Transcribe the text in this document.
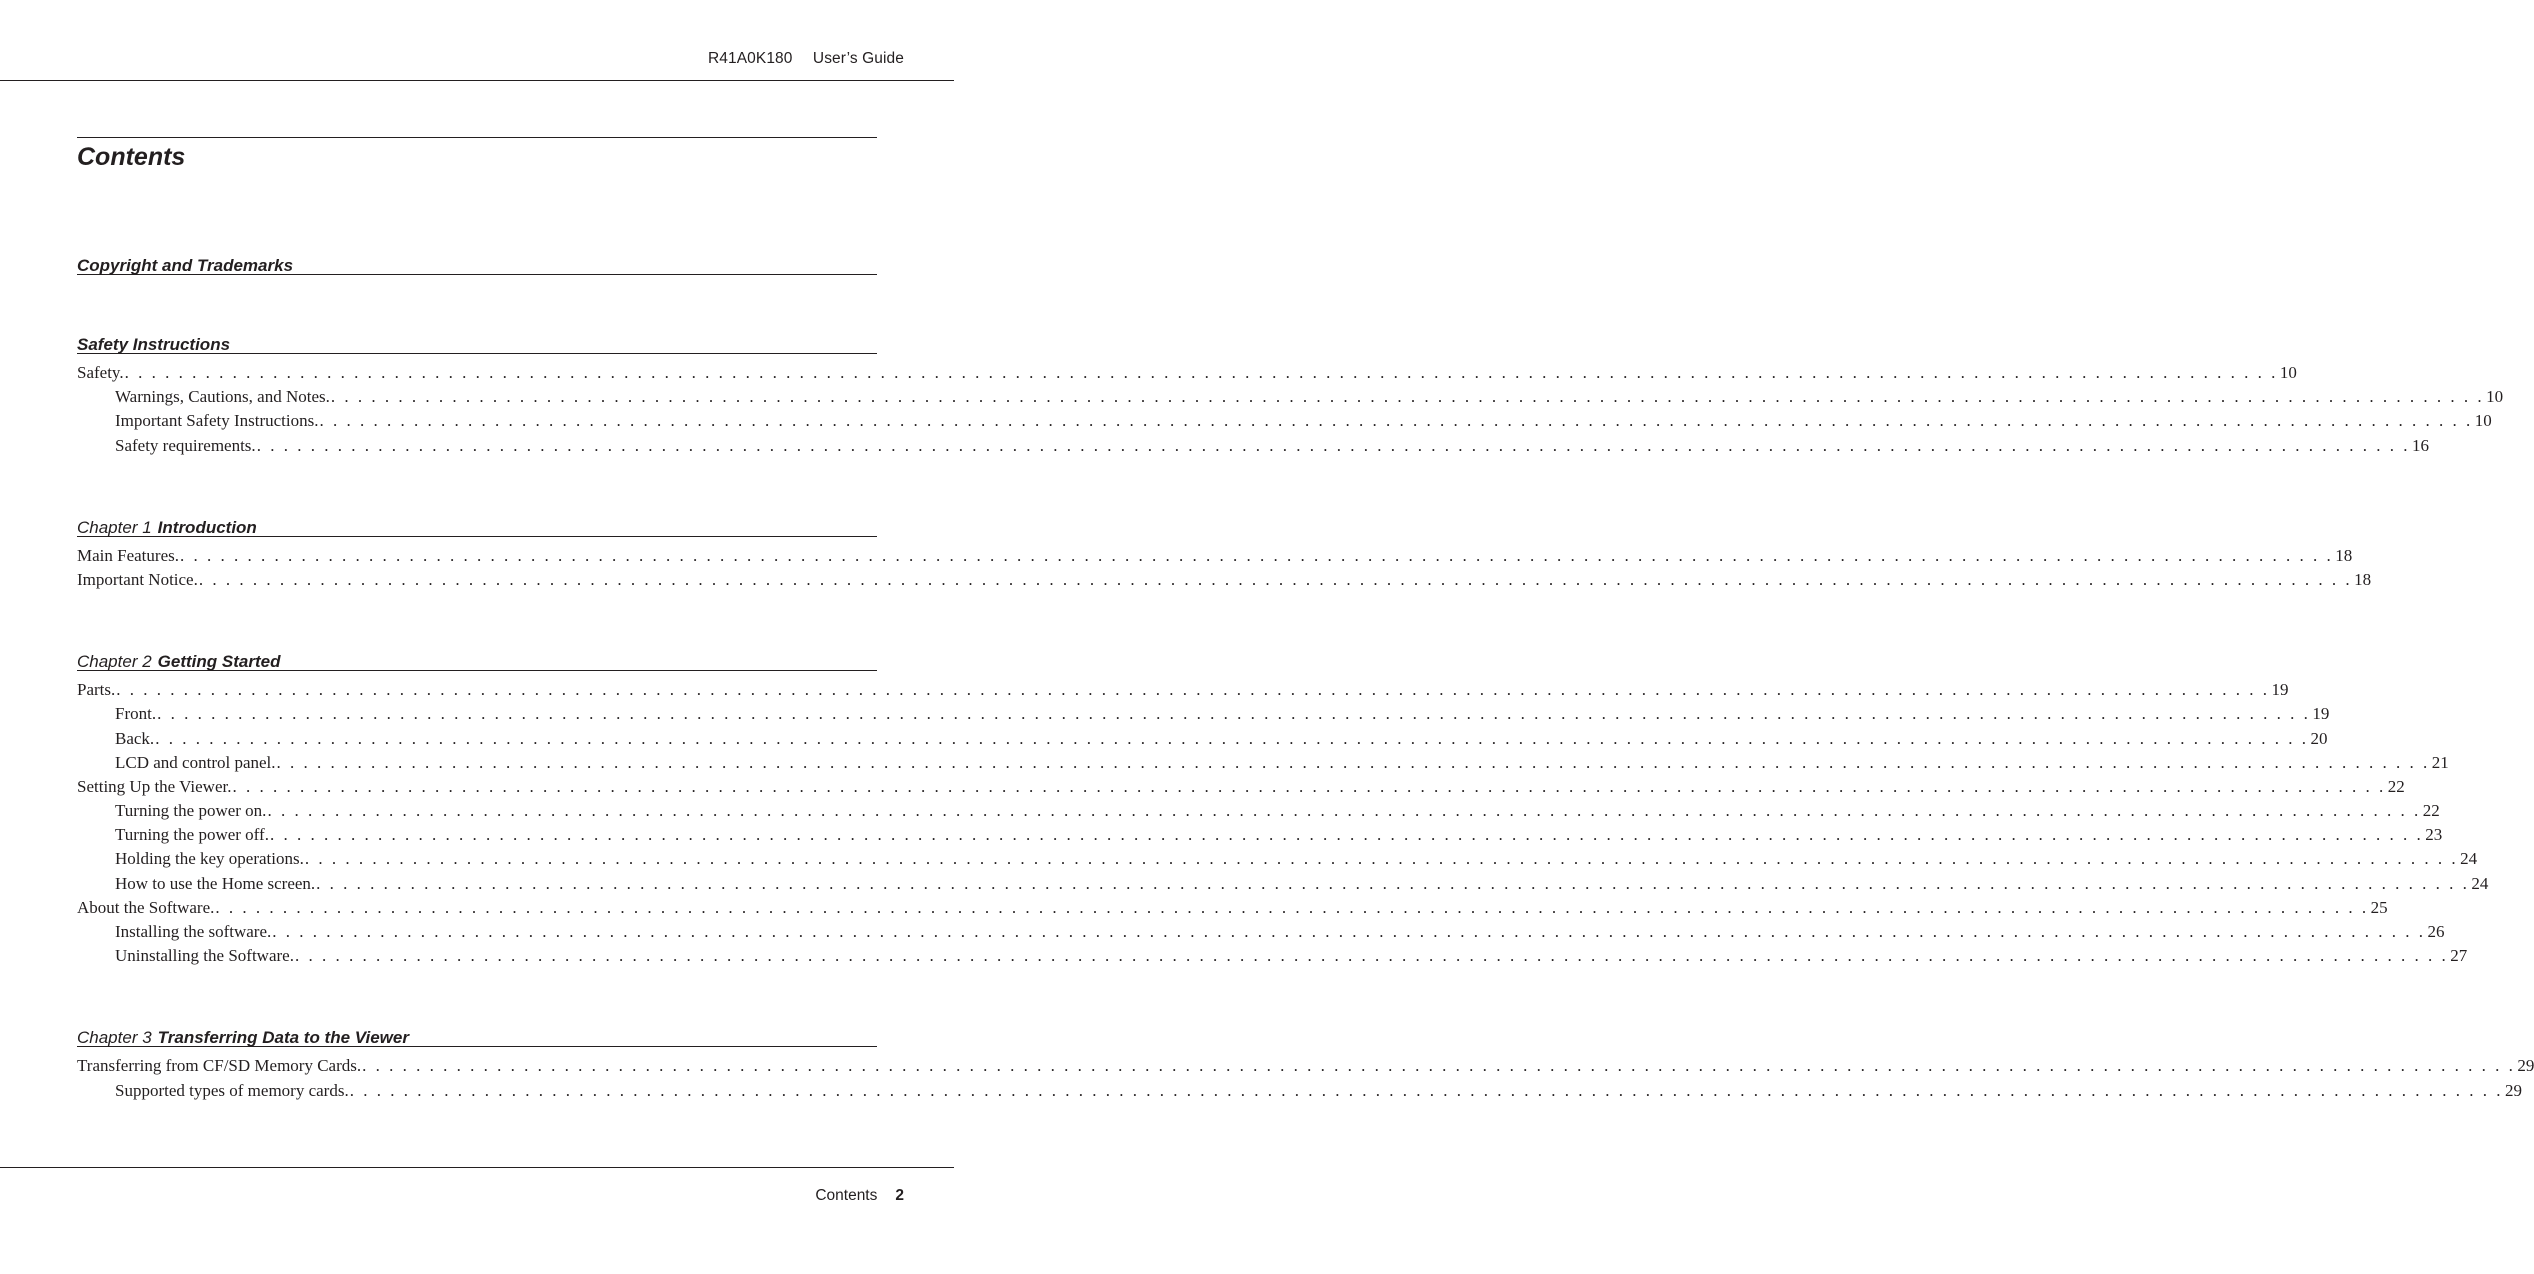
R41A0K180 User’s Guide
Contents
Copyright and Trademarks
Safety Instructions
Safety. . . . . . . . . . . . . . . . . . . . . . . . . . . . . . . . . . . . . . . . . . . . . . . . . . . . . . . . . . . . . . . . . . . . . . . . . . . . . . . . . . . . . . . . . . . . . . . . . . . . . . . . . . . . . . . . . . . . . . . . . . . . . . . . . . . . . . . . . . . . . . . . . . . . . . . . . . . . . . . . . 10
Warnings, Cautions, and Notes. . . . . . . . . . . . . . . . . . . . . . . . . . . . . . . . . . . . . . . . . . . . . . . . . . . . . . . . . . . . . . . . . . . . . . . . . . . . . . . . . . . . . . . . . . . . . . . . . . . . . . . . . . . . . . . . . . . . . . . . . . . . . . . . . . . . . . . . . . . . . . . . . . . . . . . . . . . . . . . . . 10
Important Safety Instructions. . . . . . . . . . . . . . . . . . . . . . . . . . . . . . . . . . . . . . . . . . . . . . . . . . . . . . . . . . . . . . . . . . . . . . . . . . . . . . . . . . . . . . . . . . . . . . . . . . . . . . . . . . . . . . . . . . . . . . . . . . . . . . . . . . . . . . . . . . . . . . . . . . . . . . . . . . . . . . . . . 10
Safety requirements. . . . . . . . . . . . . . . . . . . . . . . . . . . . . . . . . . . . . . . . . . . . . . . . . . . . . . . . . . . . . . . . . . . . . . . . . . . . . . . . . . . . . . . . . . . . . . . . . . . . . . . . . . . . . . . . . . . . . . . . . . . . . . . . . . . . . . . . . . . . . . . . . . . . . . . . . . . . . . . . . 16
Chapter 1 Introduction
Main Features. . . . . . . . . . . . . . . . . . . . . . . . . . . . . . . . . . . . . . . . . . . . . . . . . . . . . . . . . . . . . . . . . . . . . . . . . . . . . . . . . . . . . . . . . . . . . . . . . . . . . . . . . . . . . . . . . . . . . . . . . . . . . . . . . . . . . . . . . . . . . . . . . . . . . . . . . . . . . . . . . 18
Important Notice. . . . . . . . . . . . . . . . . . . . . . . . . . . . . . . . . . . . . . . . . . . . . . . . . . . . . . . . . . . . . . . . . . . . . . . . . . . . . . . . . . . . . . . . . . . . . . . . . . . . . . . . . . . . . . . . . . . . . . . . . . . . . . . . . . . . . . . . . . . . . . . . . . . . . . . . . . . . . . . . . 18
Chapter 2 Getting Started
Parts. . . . . . . . . . . . . . . . . . . . . . . . . . . . . . . . . . . . . . . . . . . . . . . . . . . . . . . . . . . . . . . . . . . . . . . . . . . . . . . . . . . . . . . . . . . . . . . . . . . . . . . . . . . . . . . . . . . . . . . . . . . . . . . . . . . . . . . . . . . . . . . . . . . . . . . . . . . . . . . . . 19
Front. . . . . . . . . . . . . . . . . . . . . . . . . . . . . . . . . . . . . . . . . . . . . . . . . . . . . . . . . . . . . . . . . . . . . . . . . . . . . . . . . . . . . . . . . . . . . . . . . . . . . . . . . . . . . . . . . . . . . . . . . . . . . . . . . . . . . . . . . . . . . . . . . . . . . . . . . . . . . . . . . 19
Back. . . . . . . . . . . . . . . . . . . . . . . . . . . . . . . . . . . . . . . . . . . . . . . . . . . . . . . . . . . . . . . . . . . . . . . . . . . . . . . . . . . . . . . . . . . . . . . . . . . . . . . . . . . . . . . . . . . . . . . . . . . . . . . . . . . . . . . . . . . . . . . . . . . . . . . . . . . . . . . . . 20
LCD and control panel. . . . . . . . . . . . . . . . . . . . . . . . . . . . . . . . . . . . . . . . . . . . . . . . . . . . . . . . . . . . . . . . . . . . . . . . . . . . . . . . . . . . . . . . . . . . . . . . . . . . . . . . . . . . . . . . . . . . . . . . . . . . . . . . . . . . . . . . . . . . . . . . . . . . . . . . . . . . . . . . . 21
Setting Up the Viewer. . . . . . . . . . . . . . . . . . . . . . . . . . . . . . . . . . . . . . . . . . . . . . . . . . . . . . . . . . . . . . . . . . . . . . . . . . . . . . . . . . . . . . . . . . . . . . . . . . . . . . . . . . . . . . . . . . . . . . . . . . . . . . . . . . . . . . . . . . . . . . . . . . . . . . . . . . . . . . . . . 22
Turning the power on. . . . . . . . . . . . . . . . . . . . . . . . . . . . . . . . . . . . . . . . . . . . . . . . . . . . . . . . . . . . . . . . . . . . . . . . . . . . . . . . . . . . . . . . . . . . . . . . . . . . . . . . . . . . . . . . . . . . . . . . . . . . . . . . . . . . . . . . . . . . . . . . . . . . . . . . . . . . . . . . . 22
Turning the power off. . . . . . . . . . . . . . . . . . . . . . . . . . . . . . . . . . . . . . . . . . . . . . . . . . . . . . . . . . . . . . . . . . . . . . . . . . . . . . . . . . . . . . . . . . . . . . . . . . . . . . . . . . . . . . . . . . . . . . . . . . . . . . . . . . . . . . . . . . . . . . . . . . . . . . . . . . . . . . . . . 23
Holding the key operations. . . . . . . . . . . . . . . . . . . . . . . . . . . . . . . . . . . . . . . . . . . . . . . . . . . . . . . . . . . . . . . . . . . . . . . . . . . . . . . . . . . . . . . . . . . . . . . . . . . . . . . . . . . . . . . . . . . . . . . . . . . . . . . . . . . . . . . . . . . . . . . . . . . . . . . . . . . . . . . . . 24
How to use the Home screen. . . . . . . . . . . . . . . . . . . . . . . . . . . . . . . . . . . . . . . . . . . . . . . . . . . . . . . . . . . . . . . . . . . . . . . . . . . . . . . . . . . . . . . . . . . . . . . . . . . . . . . . . . . . . . . . . . . . . . . . . . . . . . . . . . . . . . . . . . . . . . . . . . . . . . . . . . . . . . . . . 24
About the Software. . . . . . . . . . . . . . . . . . . . . . . . . . . . . . . . . . . . . . . . . . . . . . . . . . . . . . . . . . . . . . . . . . . . . . . . . . . . . . . . . . . . . . . . . . . . . . . . . . . . . . . . . . . . . . . . . . . . . . . . . . . . . . . . . . . . . . . . . . . . . . . . . . . . . . . . . . . . . . . . . 25
Installing the software. . . . . . . . . . . . . . . . . . . . . . . . . . . . . . . . . . . . . . . . . . . . . . . . . . . . . . . . . . . . . . . . . . . . . . . . . . . . . . . . . . . . . . . . . . . . . . . . . . . . . . . . . . . . . . . . . . . . . . . . . . . . . . . . . . . . . . . . . . . . . . . . . . . . . . . . . . . . . . . . . 26
Uninstalling the Software. . . . . . . . . . . . . . . . . . . . . . . . . . . . . . . . . . . . . . . . . . . . . . . . . . . . . . . . . . . . . . . . . . . . . . . . . . . . . . . . . . . . . . . . . . . . . . . . . . . . . . . . . . . . . . . . . . . . . . . . . . . . . . . . . . . . . . . . . . . . . . . . . . . . . . . . . . . . . . . . . 27
Chapter 3 Transferring Data to the Viewer
Transferring from CF/SD Memory Cards. . . . . . . . . . . . . . . . . . . . . . . . . . . . . . . . . . . . . . . . . . . . . . . . . . . . . . . . . . . . . . . . . . . . . . . . . . . . . . . . . . . . . . . . . . . . . . . . . . . . . . . . . . . . . . . . . . . . . . . . . . . . . . . . . . . . . . . . . . . . . . . . . . . . . . . . . . . . . . . . . 29
Supported types of memory cards. . . . . . . . . . . . . . . . . . . . . . . . . . . . . . . . . . . . . . . . . . . . . . . . . . . . . . . . . . . . . . . . . . . . . . . . . . . . . . . . . . . . . . . . . . . . . . . . . . . . . . . . . . . . . . . . . . . . . . . . . . . . . . . . . . . . . . . . . . . . . . . . . . . . . . . . . . . . . . . . . 29
Contents 2
